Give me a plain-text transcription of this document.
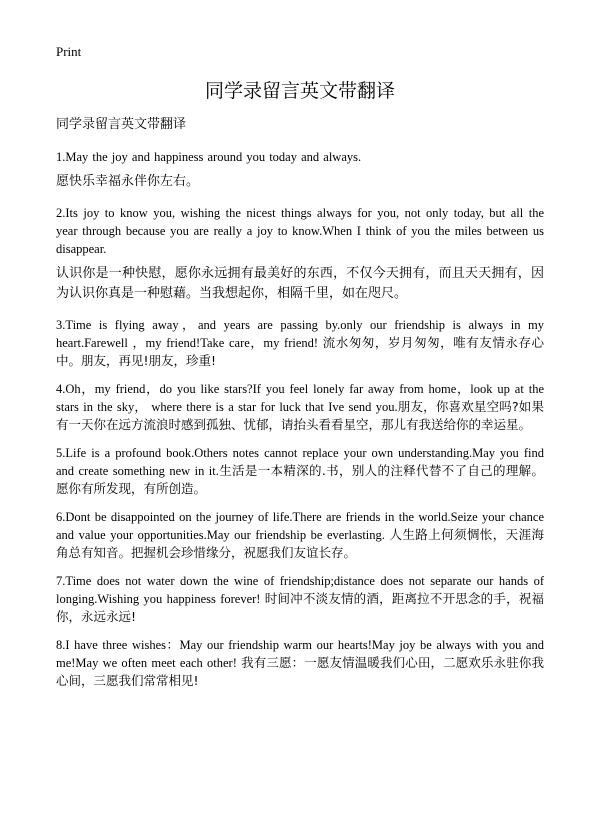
Print
同学录留言英文带翻译
同学录留言英文带翻译
1.May the joy and happiness around you today and always.
愿快乐幸福永伴你左右。
2.Its joy to know you, wishing the nicest things always for you, not only today, but all the year through because you are really a joy to know.When I think of you the miles between us disappear.
认识你是一种快慰，愿你永远拥有最美好的东西，不仅今天拥有，而且天天拥有，因为认识你真是一种慰藉。当我想起你，相隔千里，如在咫尺。
3.Time is flying away，and years are passing by.only our friendship is always in my heart.Farewell ，my friend!Take care，my friend! 流水匆匆，岁月匆匆，唯有友情永存心中。朋友，再见!朋友，珍重!
4.Oh，my friend，do you like stars?If you feel lonely far away from home，look up at the stars in the sky， where there is a star for luck that Ive send you.朋友，你喜欢星空吗?如果有一天你在远方流浪时感到孤独、忧郁，请抬头看看星空，那儿有我送给你的幸运星。
5.Life is a profound book.Others notes cannot replace your own understanding.May you find and create something new in it.生活是一本精深的.书，别人的注释代替不了自己的理解。愿你有所发现，有所创造。
6.Dont be disappointed on the journey of life.There are friends in the world.Seize your chance and value your opportunities.May our friendship be everlasting. 人生路上何须惆怅，天涯海角总有知音。把握机会珍惜缘分，祝愿我们友谊长存。
7.Time does not water down the wine of friendship;distance does not separate our hands of longing.Wishing you happiness forever! 时间冲不淡友情的酒，距离拉不开思念的手，祝福你，永远永远!
8.I have three wishes：May our friendship warm our hearts!May joy be always with you and me!May we often meet each other! 我有三愿：一愿友情温暖我们心田，二愿欢乐永驻你我心间，三愿我们常常相见!
